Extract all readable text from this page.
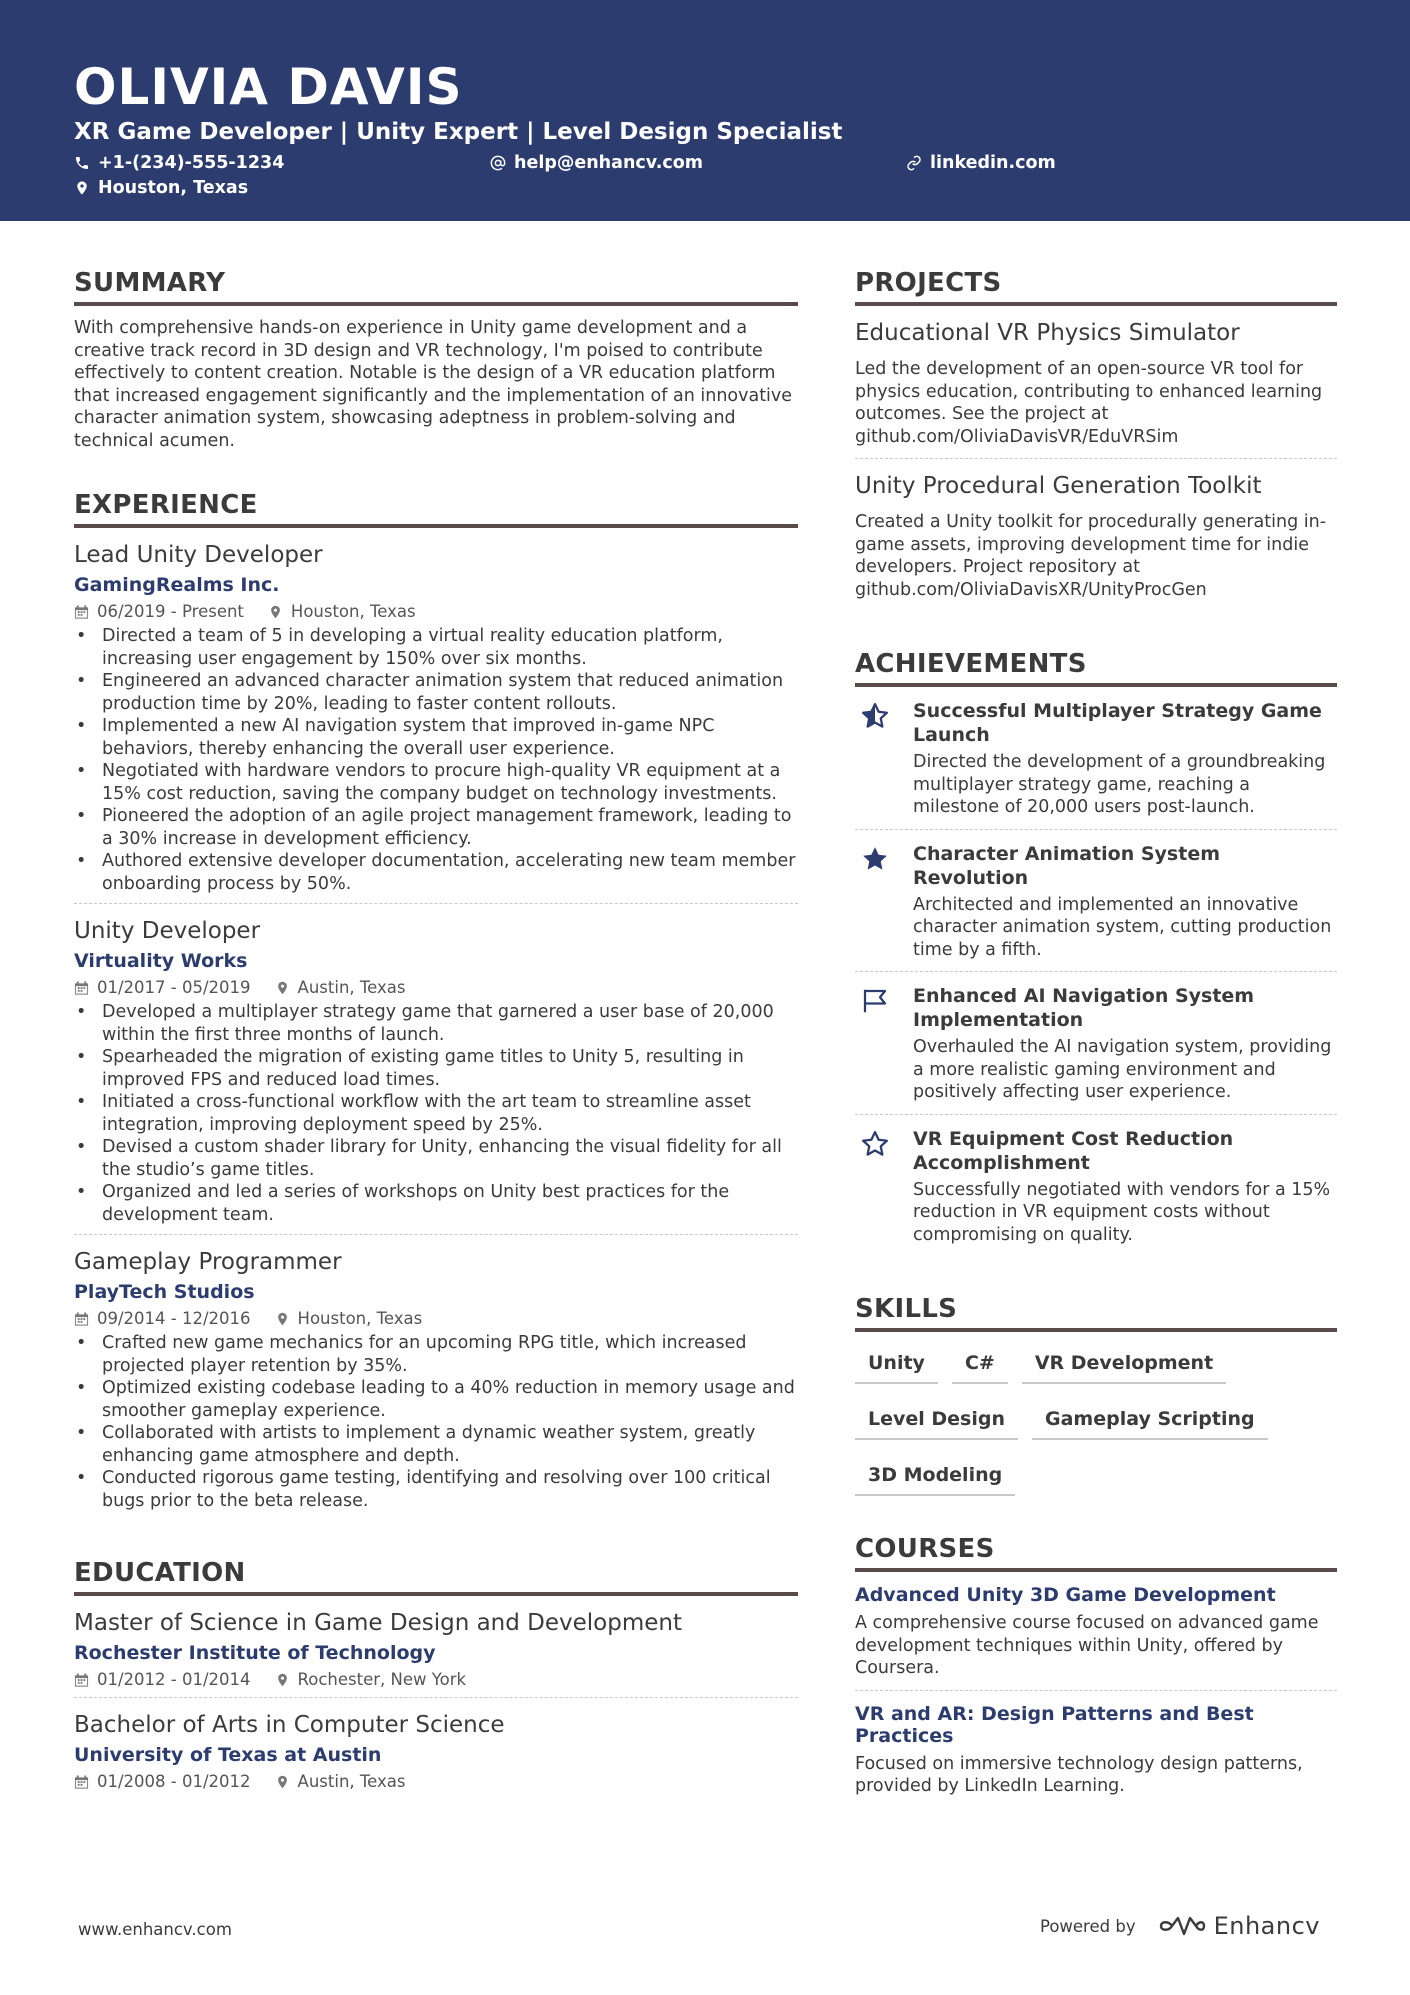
OLIVIA DAVIS
XR Game Developer | Unity Expert | Level Design Specialist
+1-(234)-555-1234	help@enhancv.com	linkedin.com
Houston, Texas
SUMMARY

With comprehensive hands-on experience in Unity game development and a creative track record in 3D design and VR technology, I'm poised to contribute effectively to content creation. Notable is the design of a VR education platform that increased engagement significantly and the implementation of an innovative character animation system, showcasing adeptness in problem-solving and technical acumen.

EXPERIENCE
Lead Unity Developer
GamingRealms Inc.
06/2019 - Present	Houston, Texas
• Directed a team of 5 in developing a virtual reality education platform, increasing user engagement by 150% over six months.
• Engineered an advanced character animation system that reduced animation production time by 20%, leading to faster content rollouts.
• Implemented a new AI navigation system that improved in-game NPC behaviors, thereby enhancing the overall user experience.
• Negotiated with hardware vendors to procure high-quality VR equipment at a 15% cost reduction, saving the company budget on technology investments.
• Pioneered the adoption of an agile project management framework, leading to a 30% increase in development efficiency.
• Authored extensive developer documentation, accelerating new team member onboarding process by 50%.
Unity Developer
Virtuality Works
01/2017 - 05/2019	Austin, Texas
• Developed a multiplayer strategy game that garnered a user base of 20,000 within the first three months of launch.
• Spearheaded the migration of existing game titles to Unity 5, resulting in improved FPS and reduced load times.
• Initiated a cross-functional workflow with the art team to streamline asset integration, improving deployment speed by 25%.
• Devised a custom shader library for Unity, enhancing the visual fidelity for all the studio’s game titles.
• Organized and led a series of workshops on Unity best practices for the development team.
Gameplay Programmer
PlayTech Studios
09/2014 - 12/2016	Houston, Texas
• Crafted new game mechanics for an upcoming RPG title, which increased projected player retention by 35%.
• Optimized existing codebase leading to a 40% reduction in memory usage and smoother gameplay experience.
• Collaborated with artists to implement a dynamic weather system, greatly enhancing game atmosphere and depth.
• Conducted rigorous game testing, identifying and resolving over 100 critical bugs prior to the beta release.
EDUCATION
Master of Science in Game Design and Development
Rochester Institute of Technology
01/2012 - 01/2014	Rochester, New York
Bachelor of Arts in Computer Science
University of Texas at Austin
01/2008 - 01/2012	Austin, Texas
PROJECTS
Educational VR Physics Simulator

Led the development of an open-source VR tool for physics education, contributing to enhanced learning outcomes. See the project at github.com/OliviaDavisVR/EduVRSim

Unity Procedural Generation Toolkit

Created a Unity toolkit for procedurally generating in-game assets, improving development time for indie developers. Project repository at github.com/OliviaDavisXR/UnityProcGen

ACHIEVEMENTS
Successful Multiplayer Strategy Game Launch

Directed the development of a groundbreaking multiplayer strategy game, reaching a milestone of 20,000 users post-launch.

Character Animation System Revolution

Architected and implemented an innovative character animation system, cutting production time by a fifth.

Enhanced AI Navigation System Implementation

Overhauled the AI navigation system, providing a more realistic gaming environment and positively affecting user experience.

VR Equipment Cost Reduction Accomplishment

Successfully negotiated with vendors for a 15% reduction in VR equipment costs without compromising on quality.

SKILLS
Unity	C#	VR Development
Level Design	Gameplay Scripting
3D Modeling
COURSES
Advanced Unity 3D Game Development

A comprehensive course focused on advanced game development techniques within Unity, offered by Coursera.

VR and AR: Design Patterns and Best Practices

Focused on immersive technology design patterns, provided by LinkedIn Learning.

www.enhancv.com	Powered by	Enhancv
